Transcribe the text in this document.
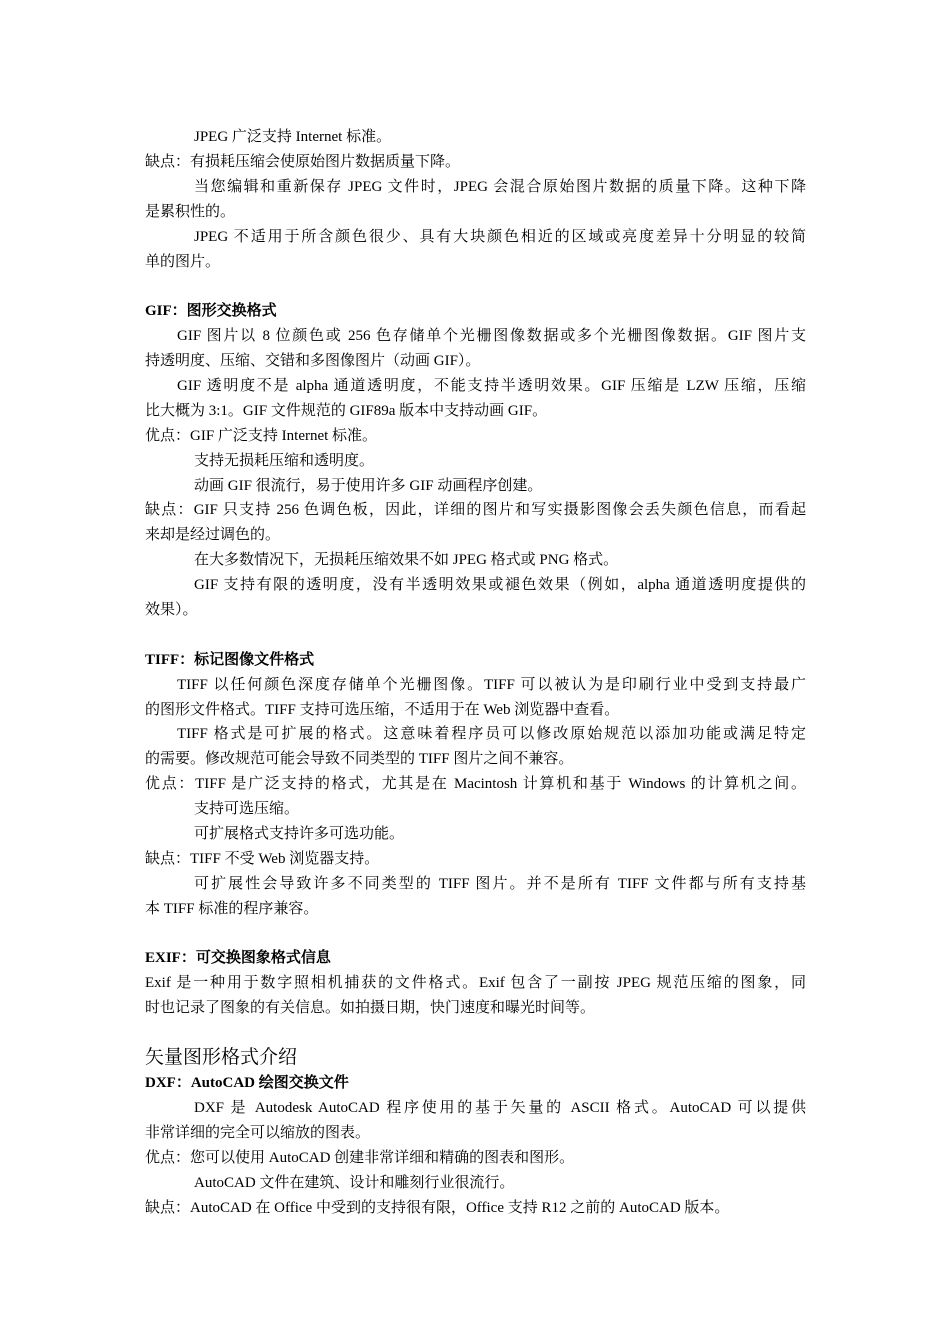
JPEG 广泛支持 Internet 标准。
缺点：有损耗压缩会使原始图片数据质量下降。
当您编辑和重新保存 JPEG 文件时，JPEG 会混合原始图片数据的质量下降。这种下降
是累积性的。
JPEG 不适用于所含颜色很少、具有大块颜色相近的区域或亮度差异十分明显的较简
单的图片。
GIF：图形交换格式
GIF 图片以 8 位颜色或 256 色存储单个光栅图像数据或多个光栅图像数据。GIF 图片支
持透明度、压缩、交错和多图像图片（动画 GIF）。
GIF 透明度不是 alpha 通道透明度，不能支持半透明效果。GIF 压缩是 LZW 压缩，压缩
比大概为 3:1。GIF 文件规范的 GIF89a 版本中支持动画 GIF。
优点：GIF 广泛支持 Internet 标准。
支持无损耗压缩和透明度。
动画 GIF 很流行，易于使用许多 GIF 动画程序创建。
缺点：GIF 只支持 256 色调色板，因此，详细的图片和写实摄影图像会丢失颜色信息，而看起
来却是经过调色的。
在大多数情况下，无损耗压缩效果不如 JPEG 格式或 PNG 格式。
GIF 支持有限的透明度，没有半透明效果或褪色效果（例如，alpha 通道透明度提供的
效果）。
TIFF：标记图像文件格式
TIFF 以任何颜色深度存储单个光栅图像。TIFF 可以被认为是印刷行业中受到支持最广
的图形文件格式。TIFF 支持可选压缩，不适用于在 Web 浏览器中查看。
TIFF 格式是可扩展的格式。这意味着程序员可以修改原始规范以添加功能或满足特定
的需要。修改规范可能会导致不同类型的 TIFF 图片之间不兼容。
优点：TIFF 是广泛支持的格式，尤其是在 Macintosh 计算机和基于 Windows 的计算机之间。
支持可选压缩。
可扩展格式支持许多可选功能。
缺点：TIFF 不受 Web 浏览器支持。
可扩展性会导致许多不同类型的 TIFF 图片。并不是所有 TIFF 文件都与所有支持基
本 TIFF 标准的程序兼容。
EXIF：可交换图象格式信息
Exif 是一种用于数字照相机捕获的文件格式。Exif 包含了一副按 JPEG 规范压缩的图象，同
时也记录了图象的有关信息。如拍摄日期，快门速度和曝光时间等。
矢量图形格式介绍
DXF：AutoCAD 绘图交换文件
DXF 是 Autodesk AutoCAD 程序使用的基于矢量的 ASCII 格式。AutoCAD 可以提供
非常详细的完全可以缩放的图表。
优点：您可以使用 AutoCAD 创建非常详细和精确的图表和图形。
AutoCAD 文件在建筑、设计和雕刻行业很流行。
缺点：AutoCAD 在 Office 中受到的支持很有限，Office 支持 R12 之前的 AutoCAD 版本。
